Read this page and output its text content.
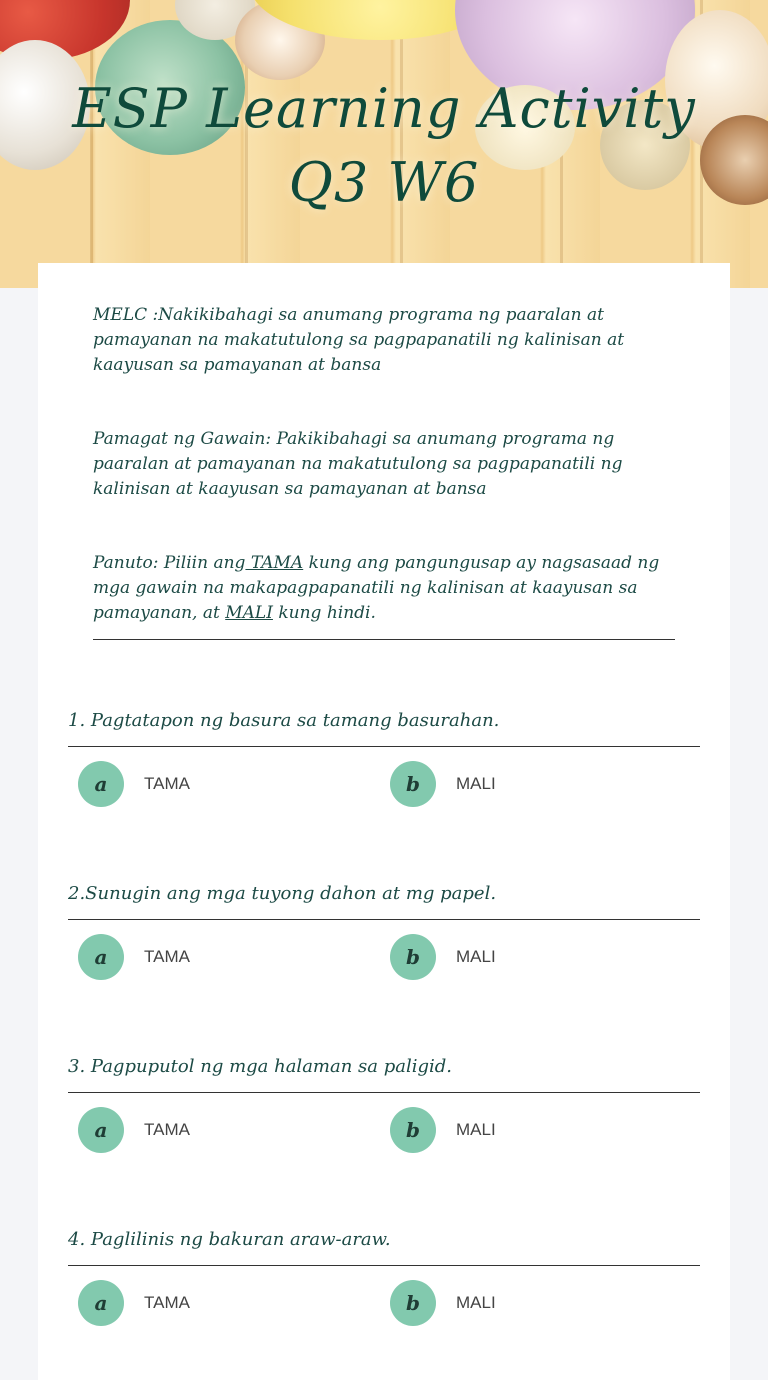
ESP Learning Activity
Q3 W6
MELC :Nakikibahagi sa anumang programa ng paaralan at pamayanan na makatutulong sa pagpapanatili ng kalinisan at kaayusan sa pamayanan at bansa
Pamagat ng Gawain: Pakikibahagi sa anumang programa ng paaralan at pamayanan na makatutulong sa pagpapanatili ng kalinisan at kaayusan sa pamayanan at bansa
Panuto: Piliin ang TAMA kung ang pangungusap ay nagsasaad ng mga gawain na makapagpapanatili ng kalinisan at kaayusan sa pamayanan, at MALI kung hindi.
1. Pagtatapon ng basura sa tamang basurahan.
a	TAMA	b	MALI
2.Sunugin ang mga tuyong dahon at mg papel.
a	TAMA	b	MALI
3. Pagpuputol ng mga halaman sa paligid.
a	TAMA	b	MALI
4. Paglilinis ng bakuran araw-araw.
a	TAMA	b	MALI
